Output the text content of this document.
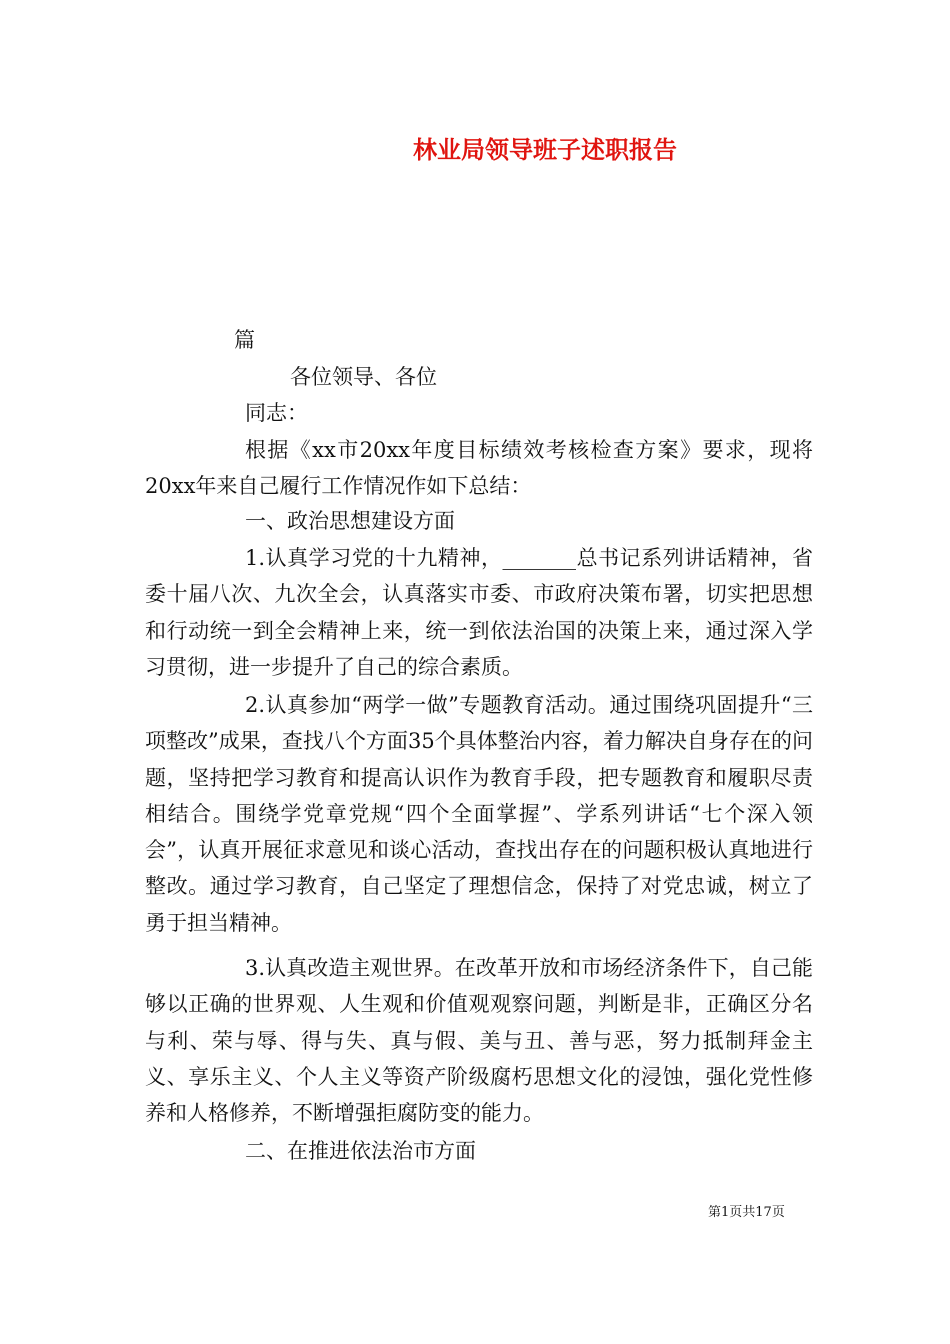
林业局领导班子述职报告
篇
各位领导、各位
同志：

根据《xx市20xx年度目标绩效考核检查方案》要求，现将20xx年来自己履行工作情况作如下总结：

一、政治思想建设方面

1.认真学习党的十九精神，_______总书记系列讲话精神，省委十届八次、九次全会，认真落实市委、市政府决策布署，切实把思想和行动统一到全会精神上来，统一到依法治国的决策上来，通过深入学习贯彻，进一步提升了自己的综合素质。

2.认真参加“两学一做”专题教育活动。通过围绕巩固提升“三项整改”成果，查找八个方面35个具体整治内容，着力解决自身存在的问题，坚持把学习教育和提高认识作为教育手段，把专题教育和履职尽责相结合。围绕学党章党规“四个全面掌握”、学系列讲话“七个深入领会”，认真开展征求意见和谈心活动，查找出存在的问题积极认真地进行整改。通过学习教育，自己坚定了理想信念，保持了对党忠诚，树立了勇于担当精神。

3.认真改造主观世界。在改革开放和市场经济条件下，自己能够以正确的世界观、人生观和价值观观察问题，判断是非，正确区分名与利、荣与辱、得与失、真与假、美与丑、善与恶，努力抵制拜金主义、享乐主义、个人主义等资产阶级腐朽思想文化的浸蚀，强化党性修养和人格修养，不断增强拒腐防变的能力。

二、在推进依法治市方面
第1页共17页
